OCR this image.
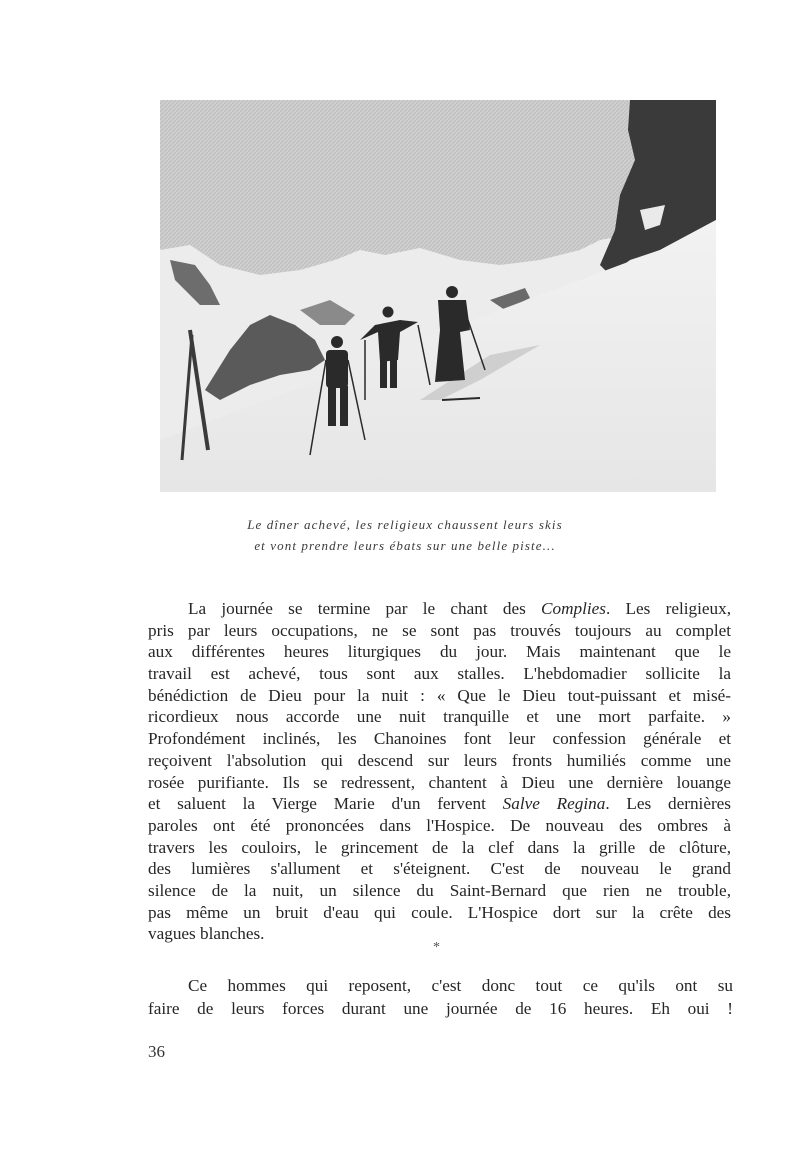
Le dîner achevé, les religieux chaussent leurs skis
et vont prendre leurs ébats sur une belle piste...
La journée se termine par le chant des Complies. Les religieux,
pris par leurs occupations, ne se sont pas trouvés toujours au complet
aux différentes heures liturgiques du jour. Mais maintenant que le
travail est achevé, tous sont aux stalles. L'hebdomadier sollicite la
bénédiction de Dieu pour la nuit : « Que le Dieu tout-puissant et misé-
ricordieux nous accorde une nuit tranquille et une mort parfaite. »
Profondément inclinés, les Chanoines font leur confession générale et
reçoivent l'absolution qui descend sur leurs fronts humiliés comme une
rosée purifiante. Ils se redressent, chantent à Dieu une dernière louange
et saluent la Vierge Marie d'un fervent Salve Regina. Les dernières
paroles ont été prononcées dans l'Hospice. De nouveau des ombres à
travers les couloirs, le grincement de la clef dans la grille de clôture,
des lumières s'allument et s'éteignent. C'est de nouveau le grand
silence de la nuit, un silence du Saint-Bernard que rien ne trouble,
pas même un bruit d'eau qui coule. L'Hospice dort sur la crête des
vagues blanches.
*
Ce hommes qui reposent, c'est donc tout ce qu'ils ont su
faire de leurs forces durant une journée de 16 heures. Eh oui !
36
